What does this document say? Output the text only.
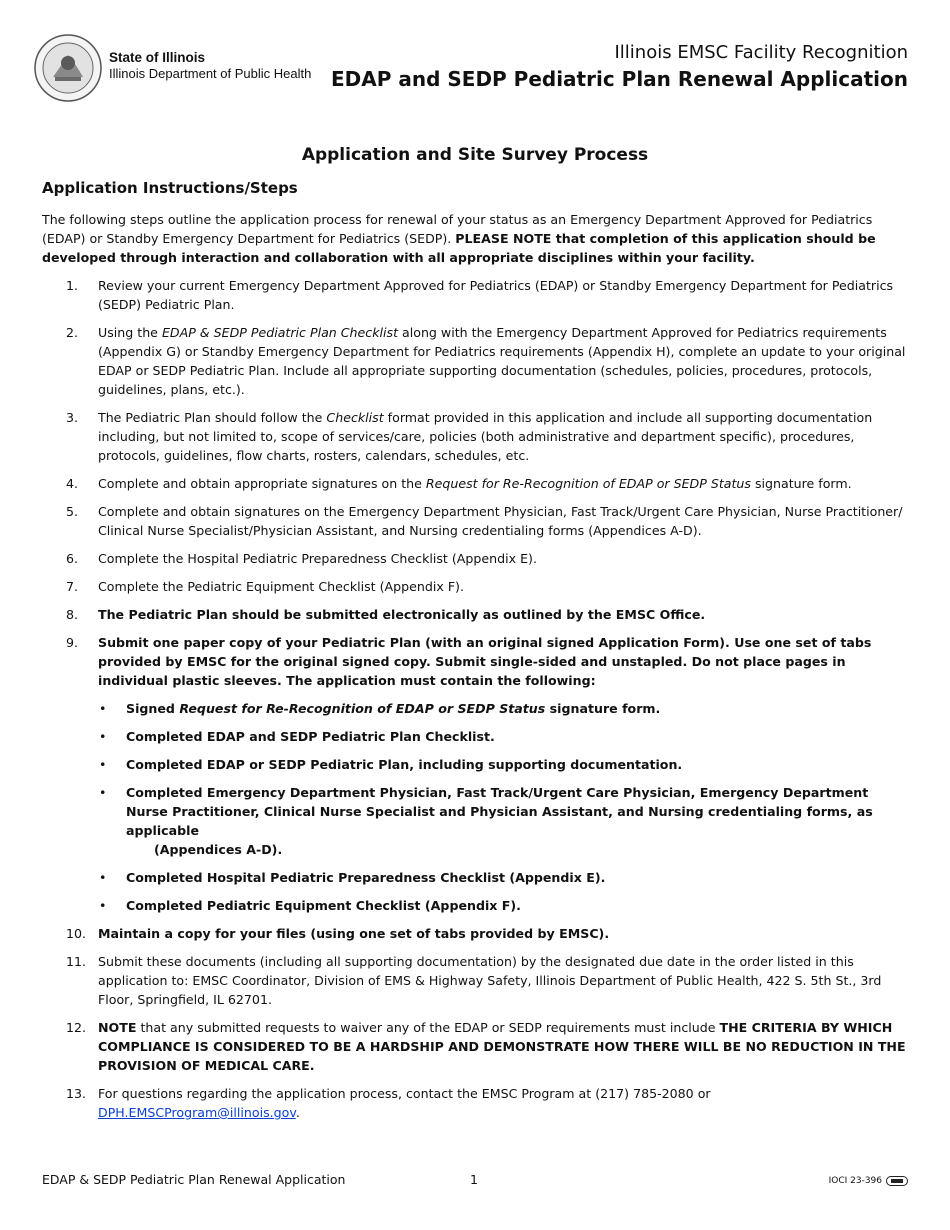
State of Illinois
Illinois Department of Public Health
Illinois EMSC Facility Recognition
EDAP and SEDP Pediatric Plan Renewal Application
Application and Site Survey Process
Application Instructions/Steps

The following steps outline the application process for renewal of your status as an Emergency Department Approved for Pediatrics (EDAP) or Standby Emergency Department for Pediatrics (SEDP). PLEASE NOTE that completion of this application should be developed through interaction and collaboration with all appropriate disciplines within your facility.

1.	Review your current Emergency Department Approved for Pediatrics (EDAP) or Standby Emergency Department for Pediatrics (SEDP) Pediatric Plan.
2.	Using the EDAP & SEDP Pediatric Plan Checklist along with the Emergency Department Approved for Pediatrics requirements (Appendix G) or Standby Emergency Department for Pediatrics requirements (Appendix H), complete an update to your original EDAP or SEDP Pediatric Plan. Include all appropriate supporting documentation (schedules, policies, procedures, protocols, guidelines, plans, etc.).
3.	The Pediatric Plan should follow the Checklist format provided in this application and include all supporting documentation including, but not limited to, scope of services/care, policies (both administrative and department specific), procedures, protocols, guidelines, flow charts, rosters, calendars, schedules, etc.
4.	Complete and obtain appropriate signatures on the Request for Re-Recognition of EDAP or SEDP Status signature form.
5.	Complete and obtain signatures on the Emergency Department Physician, Fast Track/Urgent Care Physician, Nurse Practitioner/ Clinical Nurse Specialist/Physician Assistant, and Nursing credentialing forms (Appendices A-D).
6.	Complete the Hospital Pediatric Preparedness Checklist (Appendix E).
7.	Complete the Pediatric Equipment Checklist (Appendix F).
8.	The Pediatric Plan should be submitted electronically as outlined by the EMSC Office.
9.	Submit one paper copy of your Pediatric Plan (with an original signed Application Form). Use one set of tabs provided by EMSC for the original signed copy. Submit single-sided and unstapled. Do not place pages in individual plastic sleeves. The application must contain the following:
•	Signed Request for Re-Recognition of EDAP or SEDP Status signature form.
•	Completed EDAP and SEDP Pediatric Plan Checklist.
•	Completed EDAP or SEDP Pediatric Plan, including supporting documentation.
•	Completed Emergency Department Physician, Fast Track/Urgent Care Physician, Emergency Department Nurse Practitioner, Clinical Nurse Specialist and Physician Assistant, and Nursing credentialing forms, as applicable
(Appendices A-D).
•	Completed Hospital Pediatric Preparedness Checklist (Appendix E).
•	Completed Pediatric Equipment Checklist (Appendix F).
10. Maintain a copy for your files (using one set of tabs provided by EMSC).
11. Submit these documents (including all supporting documentation) by the designated due date in the order listed in this application to: EMSC Coordinator, Division of EMS & Highway Safety, Illinois Department of Public Health, 422 S. 5th St., 3rd Floor, Springfield, IL 62701.
12. NOTE that any submitted requests to waiver any of the EDAP or SEDP requirements must include THE CRITERIA BY WHICH COMPLIANCE IS CONSIDERED TO BE A HARDSHIP AND DEMONSTRATE HOW THERE WILL BE NO REDUCTION IN THE PROVISION OF MEDICAL CARE.
13. For questions regarding the application process, contact the EMSC Program at (217) 785-2080 or DPH.EMSCProgram@illinois.gov.
EDAP & SEDP Pediatric Plan Renewal Application	1	IOCI 23-396
